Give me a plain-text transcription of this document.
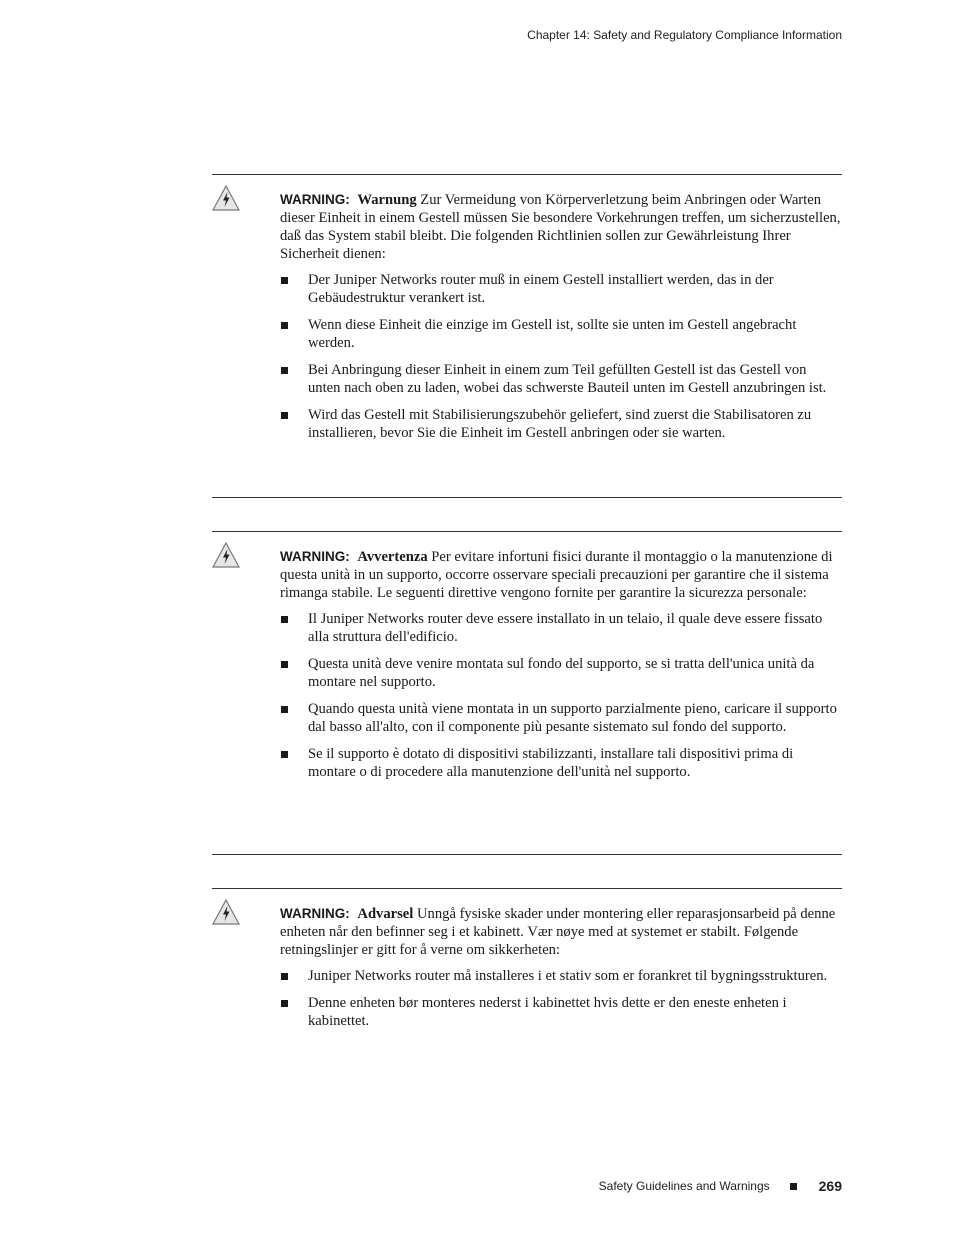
Chapter 14: Safety and Regulatory Compliance Information

WARNING: Warnung Zur Vermeidung von Körperverletzung beim Anbringen oder Warten dieser Einheit in einem Gestell müssen Sie besondere Vorkehrungen treffen, um sicherzustellen, daß das System stabil bleibt. Die folgenden Richtlinien sollen zur Gewährleistung Ihrer Sicherheit dienen:

Der Juniper Networks router muß in einem Gestell installiert werden, das in der Gebäudestruktur verankert ist.
Wenn diese Einheit die einzige im Gestell ist, sollte sie unten im Gestell angebracht werden.
Bei Anbringung dieser Einheit in einem zum Teil gefüllten Gestell ist das Gestell von unten nach oben zu laden, wobei das schwerste Bauteil unten im Gestell anzubringen ist.
Wird das Gestell mit Stabilisierungszubehör geliefert, sind zuerst die Stabilisatoren zu installieren, bevor Sie die Einheit im Gestell anbringen oder sie warten.

WARNING: Avvertenza Per evitare infortuni fisici durante il montaggio o la manutenzione di questa unità in un supporto, occorre osservare speciali precauzioni per garantire che il sistema rimanga stabile. Le seguenti direttive vengono fornite per garantire la sicurezza personale:

Il Juniper Networks router deve essere installato in un telaio, il quale deve essere fissato alla struttura dell'edificio.
Questa unità deve venire montata sul fondo del supporto, se si tratta dell'unica unità da montare nel supporto.
Quando questa unità viene montata in un supporto parzialmente pieno, caricare il supporto dal basso all'alto, con il componente più pesante sistemato sul fondo del supporto.
Se il supporto è dotato di dispositivi stabilizzanti, installare tali dispositivi prima di montare o di procedere alla manutenzione dell'unità nel supporto.

WARNING: Advarsel Unngå fysiske skader under montering eller reparasjonsarbeid på denne enheten når den befinner seg i et kabinett. Vær nøye med at systemet er stabilt. Følgende retningslinjer er gitt for å verne om sikkerheten:

Juniper Networks router må installeres i et stativ som er forankret til bygningsstrukturen.
Denne enheten bør monteres nederst i kabinettet hvis dette er den eneste enheten i kabinettet.
Safety Guidelines and Warnings	269
